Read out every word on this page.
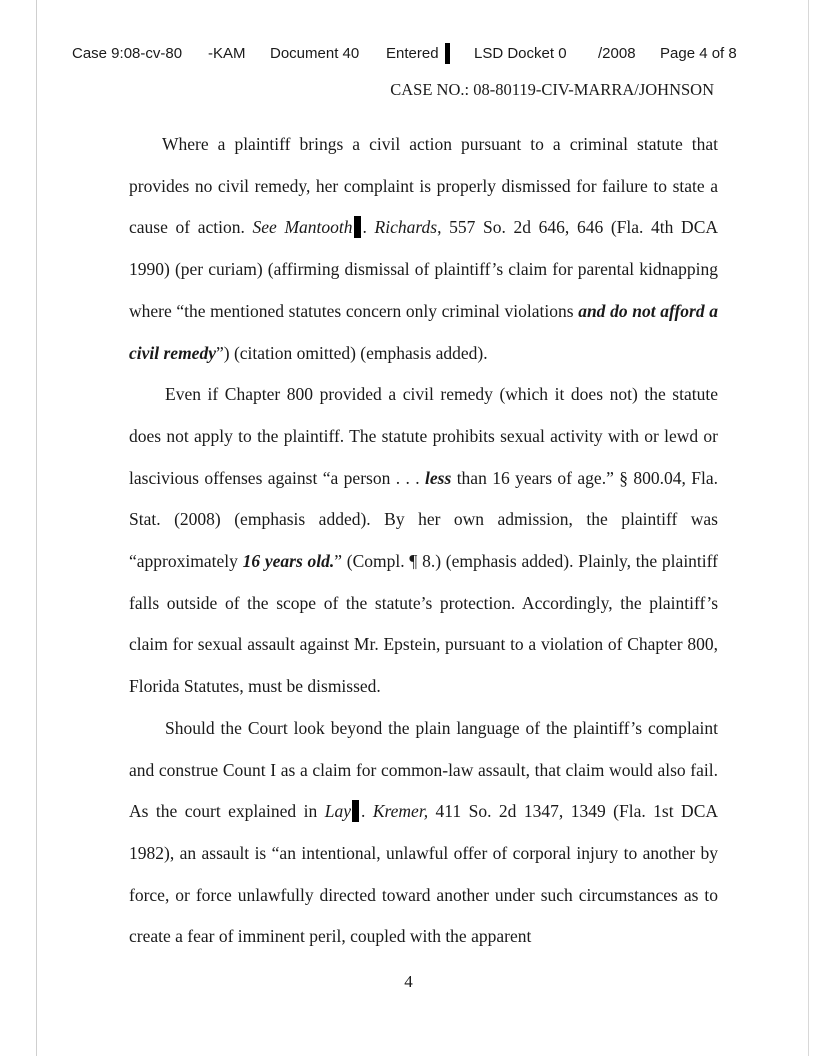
Case 9:08-cv-80 -KAM Document 40 Entered LSD Docket 0 /2008 Page 4 of 8
CASE NO.: 08-80119-CIV-MARRA/JOHNSON

Where a plaintiff brings a civil action pursuant to a criminal statute that provides no civil remedy, her complaint is properly dismissed for failure to state a cause of action. See Mantooth . Richards, 557 So. 2d 646, 646 (Fla. 4th DCA 1990) (per curiam) (affirming dismissal of plaintiff’s claim for parental kidnapping where “the mentioned statutes concern only criminal violations and do not afford a civil remedy”) (citation omitted) (emphasis added).

Even if Chapter 800 provided a civil remedy (which it does not) the statute does not apply to the plaintiff. The statute prohibits sexual activity with or lewd or lascivious offenses against “a person . . . less than 16 years of age.” § 800.04, Fla. Stat. (2008) (emphasis added). By her own admission, the plaintiff was “approximately 16 years old.” (Compl. ¶ 8.) (emphasis added). Plainly, the plaintiff falls outside of the scope of the statute’s protection. Accordingly, the plaintiff’s claim for sexual assault against Mr. Epstein, pursuant to a violation of Chapter 800, Florida Statutes, must be dismissed.

Should the Court look beyond the plain language of the plaintiff’s complaint and construe Count I as a claim for common-law assault, that claim would also fail. As the court explained in Lay . Kremer, 411 So. 2d 1347, 1349 (Fla. 1st DCA 1982), an assault is “an intentional, unlawful offer of corporal injury to another by force, or force unlawfully directed toward another under such circumstances as to create a fear of imminent peril, coupled with the apparent

4
